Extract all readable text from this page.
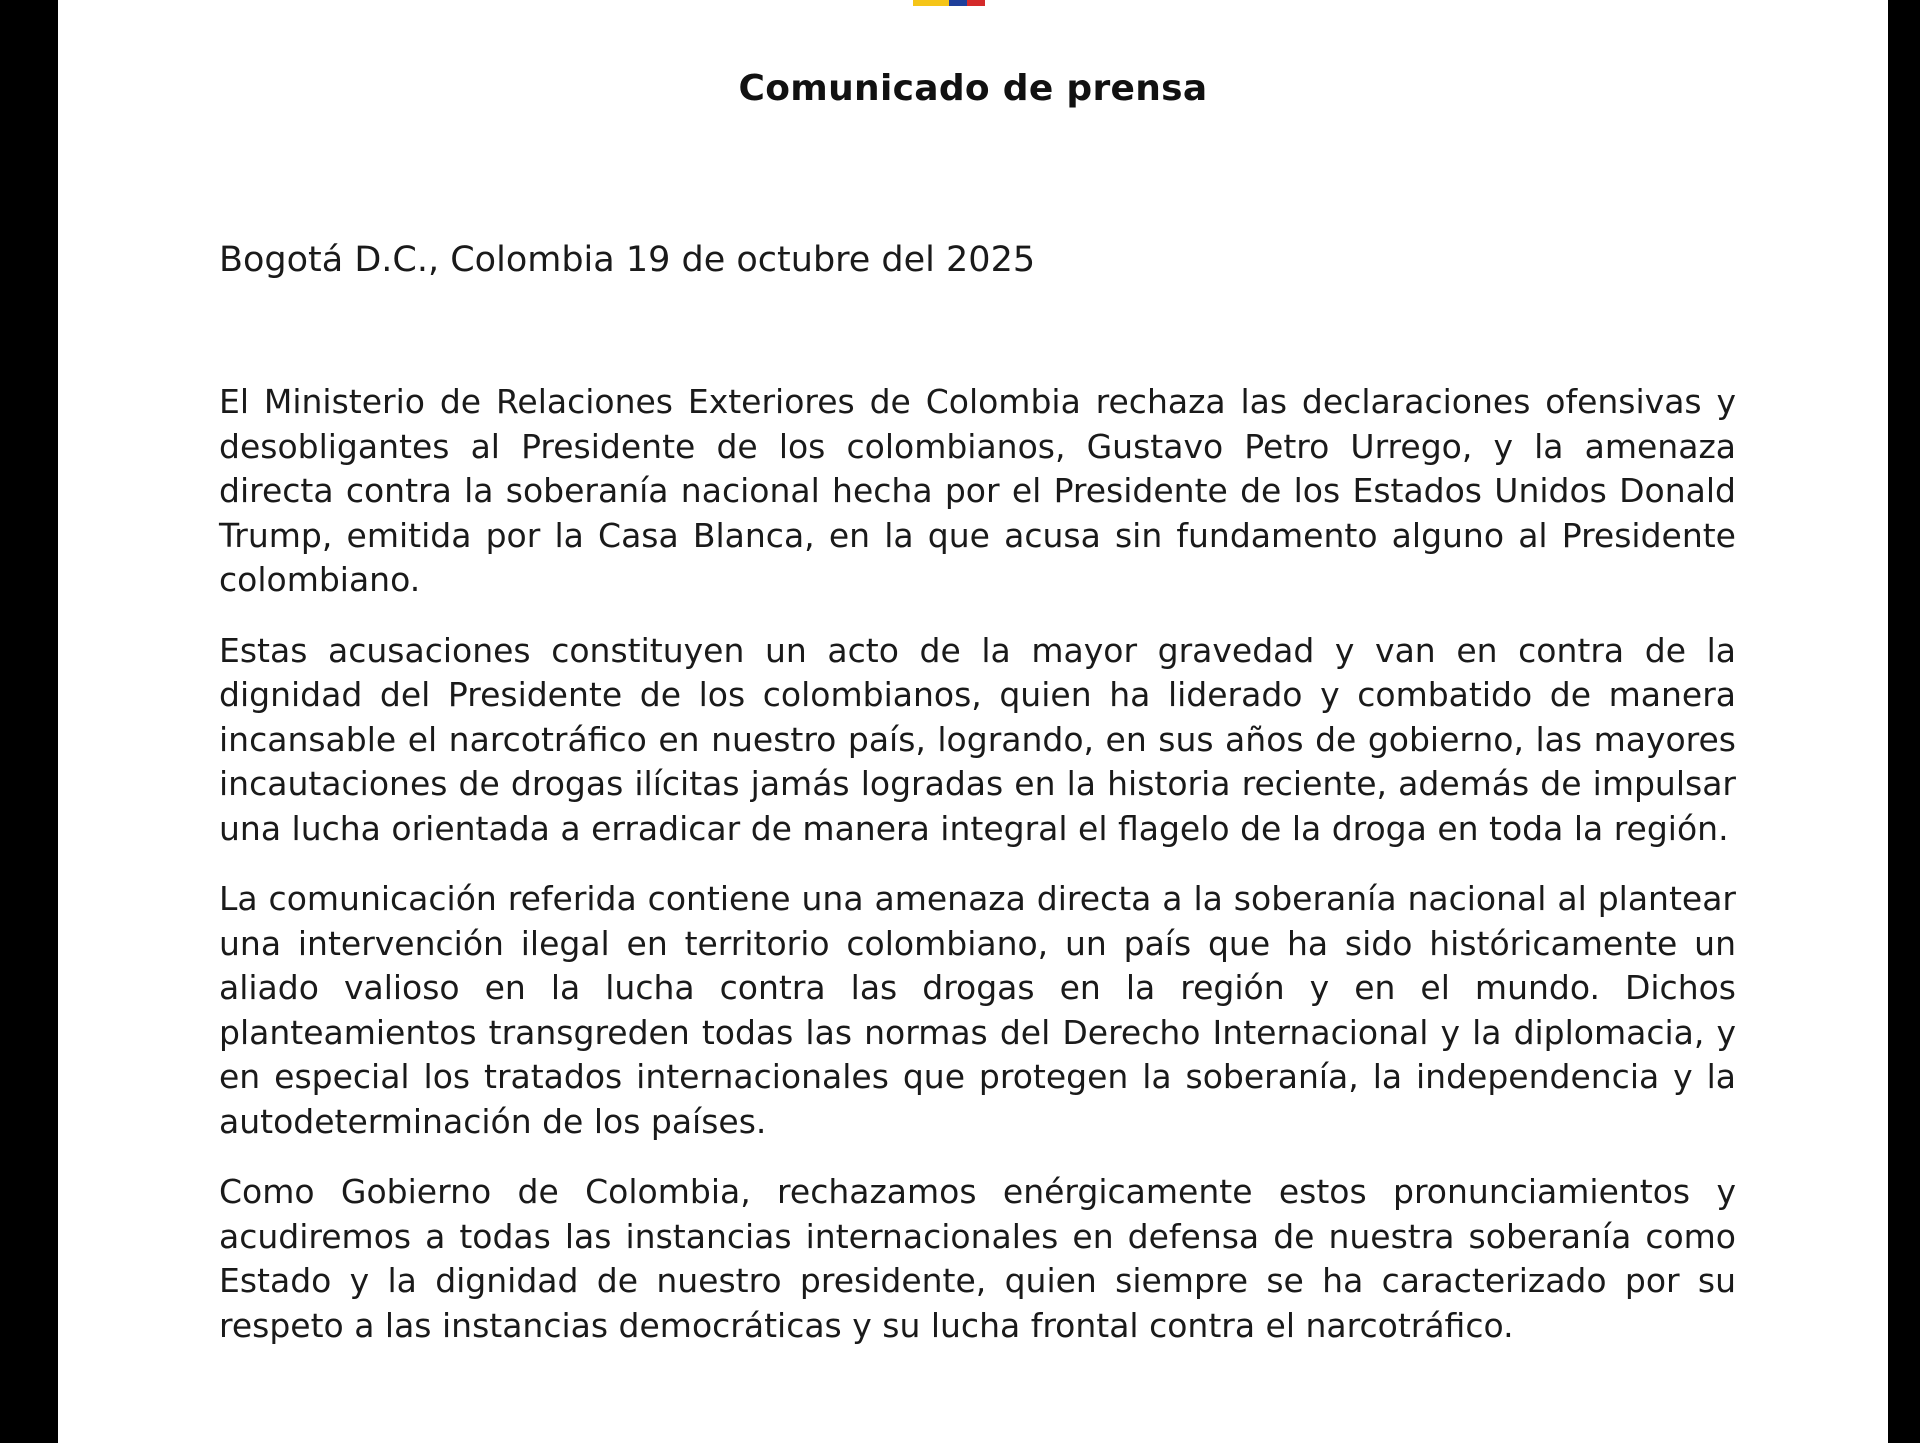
Comunicado de prensa
Bogotá D.C., Colombia 19 de octubre del 2025

El Ministerio de Relaciones Exteriores de Colombia rechaza las declaraciones ofensivas y desobligantes al Presidente de los colombianos, Gustavo Petro Urrego, y la amenaza directa contra la soberanía nacional hecha por el Presidente de los Estados Unidos Donald Trump, emitida por la Casa Blanca, en la que acusa sin fundamento alguno al Presidente colombiano.

Estas acusaciones constituyen un acto de la mayor gravedad y van en contra de la dignidad del Presidente de los colombianos, quien ha liderado y combatido de manera incansable el narcotráfico en nuestro país, logrando, en sus años de gobierno, las mayores incautaciones de drogas ilícitas jamás logradas en la historia reciente, además de impulsar una lucha orientada a erradicar de manera integral el flagelo de la droga en toda la región.

La comunicación referida contiene una amenaza directa a la soberanía nacional al plantear una intervención ilegal en territorio colombiano, un país que ha sido históricamente un aliado valioso en la lucha contra las drogas en la región y en el mundo. Dichos planteamientos transgreden todas las normas del Derecho Internacional y la diplomacia, y en especial los tratados internacionales que protegen la soberanía, la independencia y la autodeterminación de los países.

Como Gobierno de Colombia, rechazamos enérgicamente estos pronunciamientos y acudiremos a todas las instancias internacionales en defensa de nuestra soberanía como Estado y la dignidad de nuestro presidente, quien siempre se ha caracterizado por su respeto a las instancias democráticas y su lucha frontal contra el narcotráfico.
